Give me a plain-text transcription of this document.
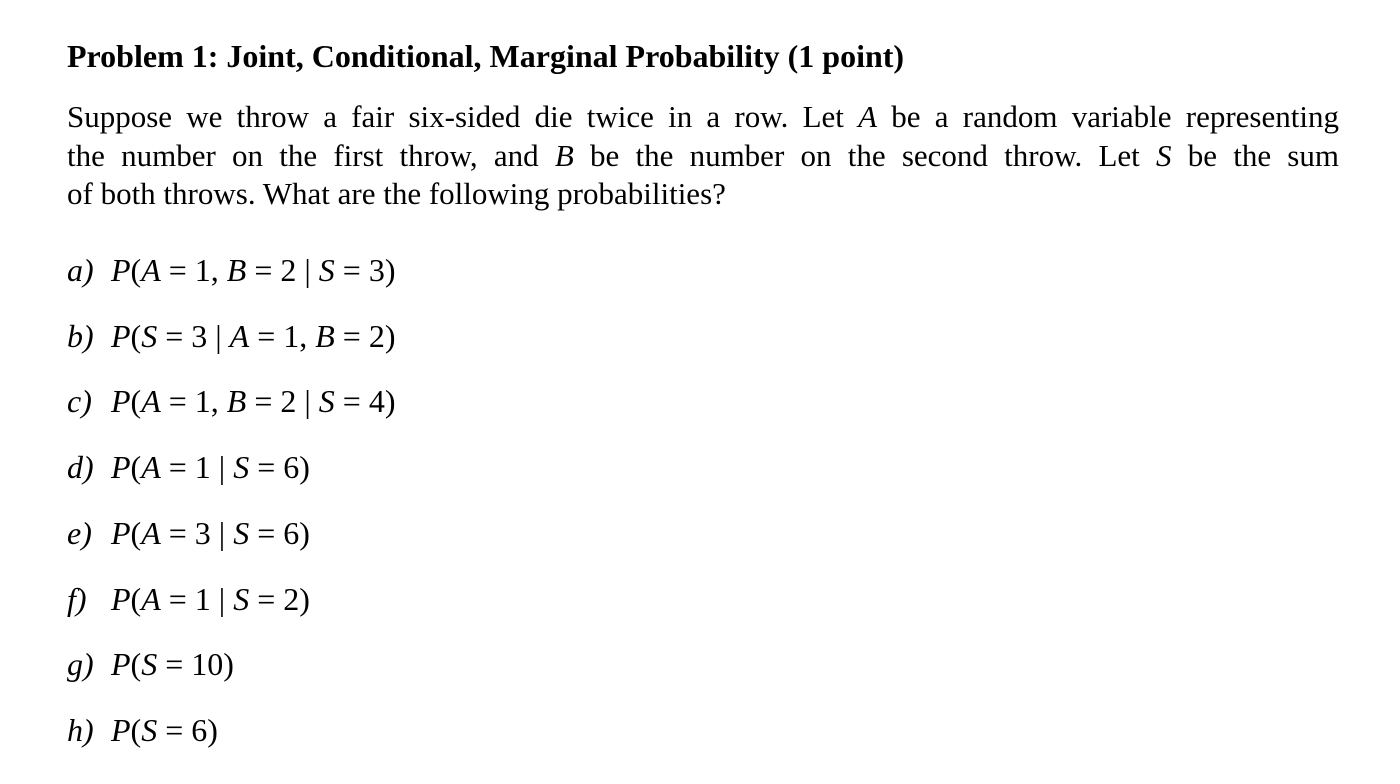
Problem 1: Joint, Conditional, Marginal Probability (1 point)
Suppose we throw a fair six-sided die twice in a row. Let A be a random variable representing
the number on the first throw, and B be the number on the second throw. Let S be the sum
of both throws. What are the following probabilities?
a) P(A = 1, B = 2 | S = 3)
b) P(S = 3 | A = 1, B = 2)
c) P(A = 1, B = 2 | S = 4)
d) P(A = 1 | S = 6)
e) P(A = 3 | S = 6)
f) P(A = 1 | S = 2)
g) P(S = 10)
h) P(S = 6)
